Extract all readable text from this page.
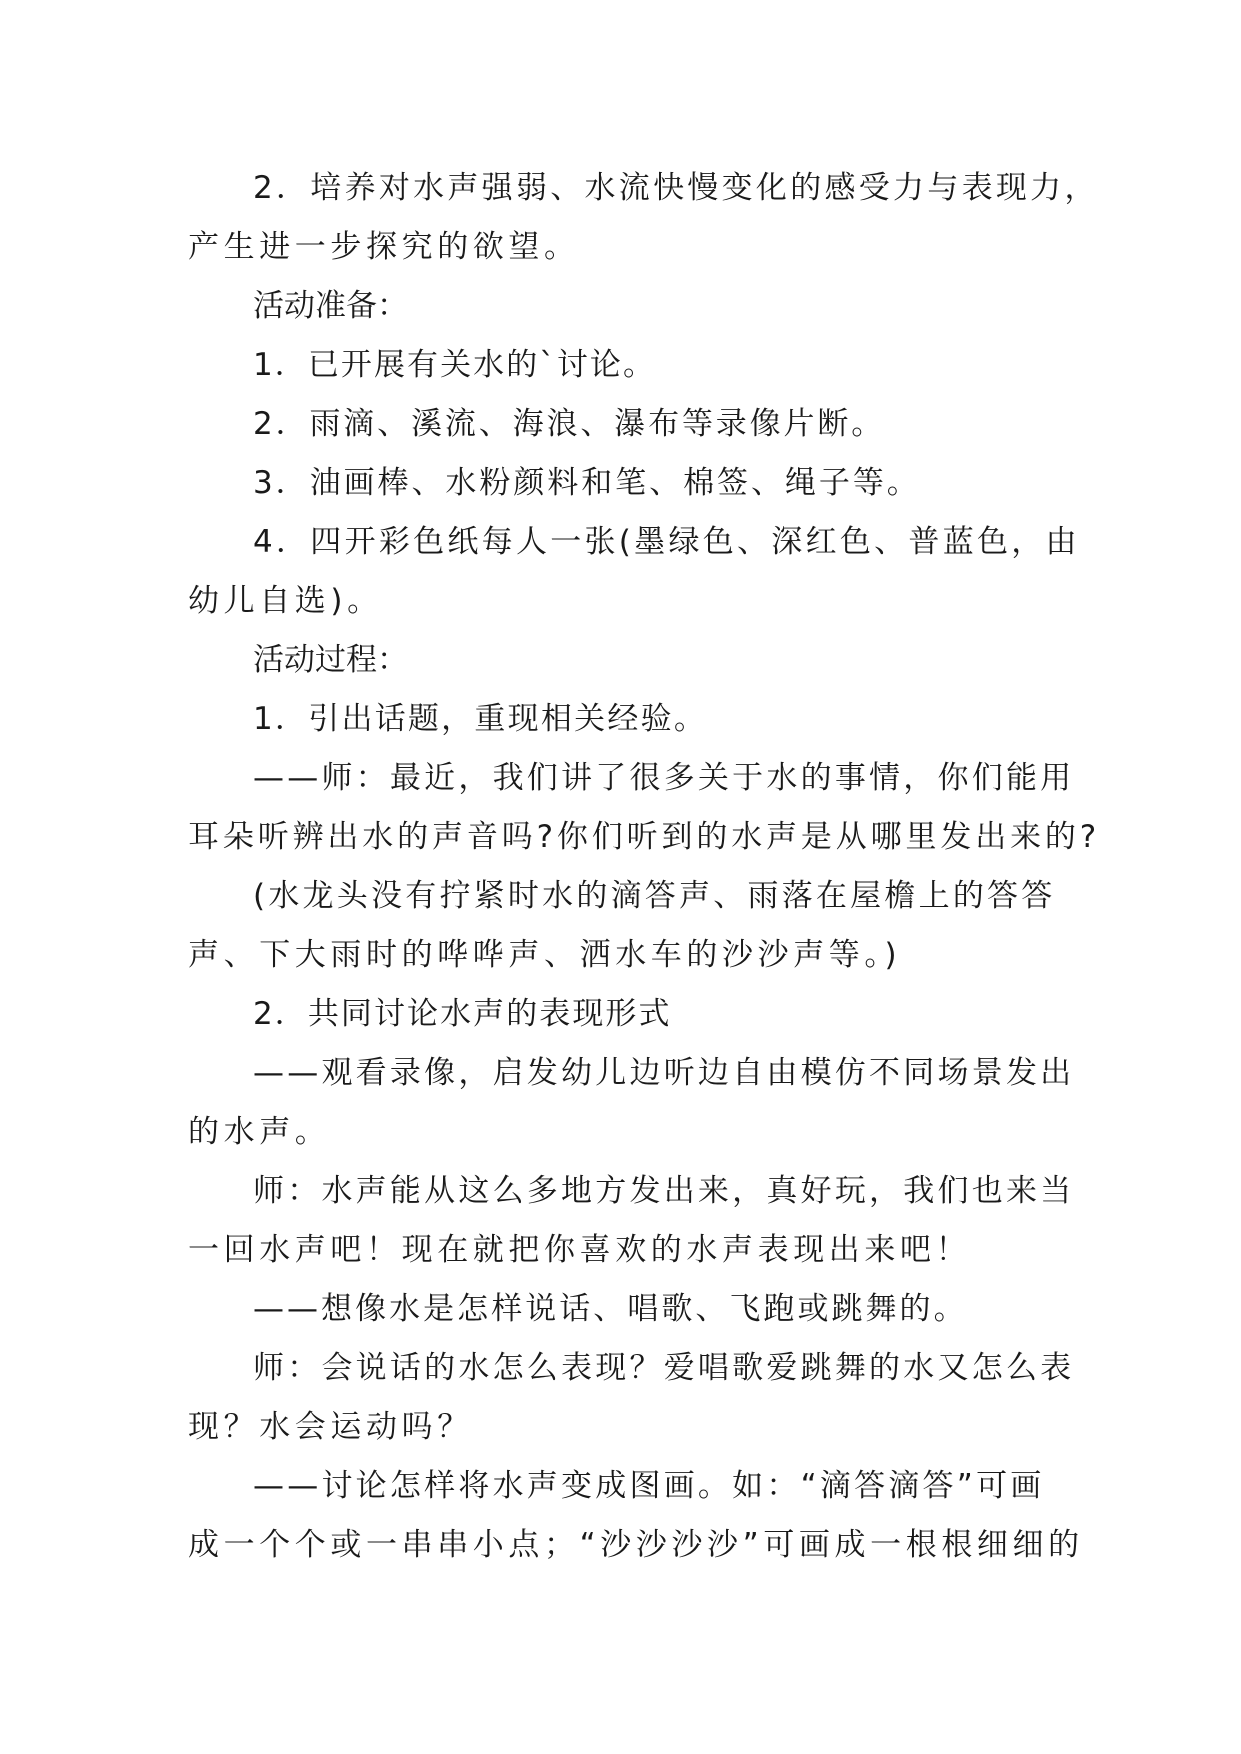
2．培养对水声强弱、水流快慢变化的感受力与表现力，
产生进一步探究的欲望。
活动准备：
1．已开展有关水的`讨论。
2．雨滴、溪流、海浪、瀑布等录像片断。
3．油画棒、水粉颜料和笔、棉签、绳子等。
4．四开彩色纸每人一张(墨绿色、深红色、普蓝色，由
幼儿自选)。
活动过程：
1．引出话题，重现相关经验。
——师：最近，我们讲了很多关于水的事情，你们能用
耳朵听辨出水的声音吗?你们听到的水声是从哪里发出来的?
(水龙头没有拧紧时水的滴答声、雨落在屋檐上的答答
声、下大雨时的哗哗声、洒水车的沙沙声等。)
2．共同讨论水声的表现形式
——观看录像，启发幼儿边听边自由模仿不同场景发出
的水声。
师：水声能从这么多地方发出来，真好玩，我们也来当
一回水声吧！现在就把你喜欢的水声表现出来吧！
——想像水是怎样说话、唱歌、飞跑或跳舞的。
师：会说话的水怎么表现？爱唱歌爱跳舞的水又怎么表
现？水会运动吗？
——讨论怎样将水声变成图画。如：“滴答滴答”可画
成一个个或一串串小点；“沙沙沙沙”可画成一根根细细的
